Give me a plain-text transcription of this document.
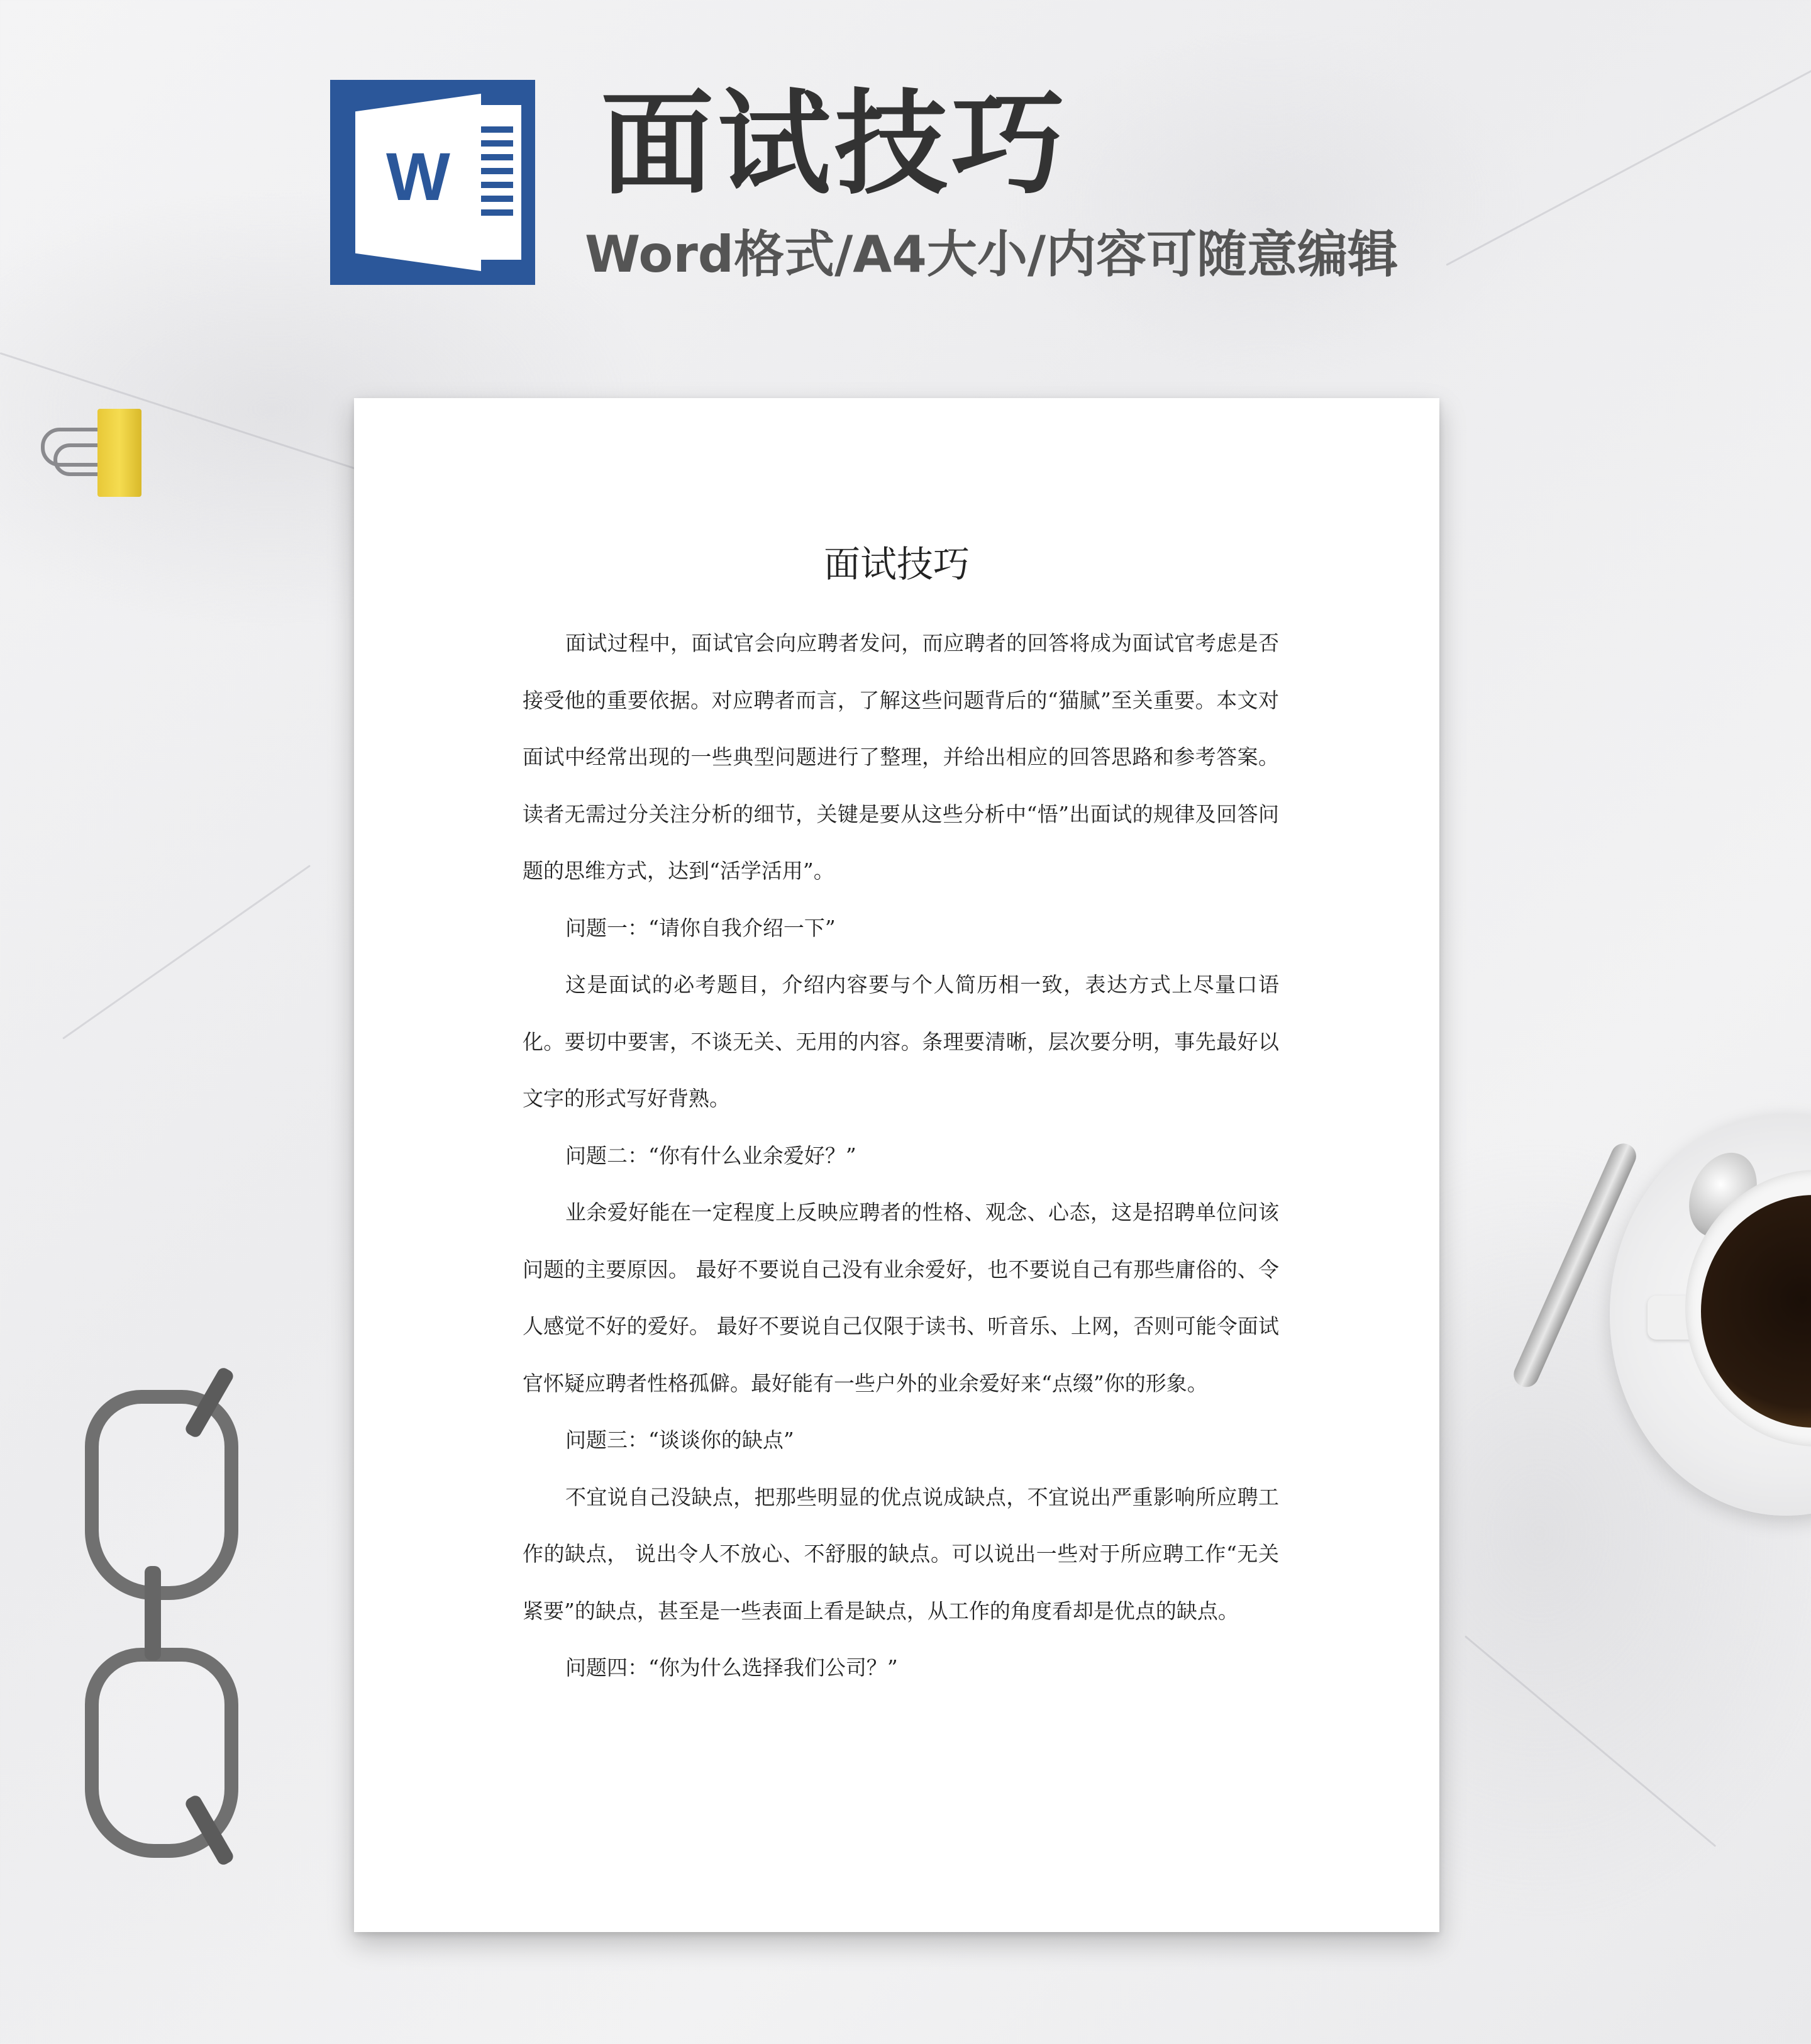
W 面试技巧
Word格式/A4大小/内容可随意编辑
面试技巧

面试过程中，面试官会向应聘者发问，而应聘者的回答将成为面试官考虑是否接受他的重要依据。对应聘者而言，了解这些问题背后的“猫腻”至关重要。本文对面试中经常出现的一些典型问题进行了整理，并给出相应的回答思路和参考答案。读者无需过分关注分析的细节，关键是要从这些分析中“悟”出面试的规律及回答问题的思维方式，达到“活学活用”。

问题一：“请你自我介绍一下”

这是面试的必考题目，介绍内容要与个人简历相一致，表达方式上尽量口语化。要切中要害，不谈无关、无用的内容。条理要清晰，层次要分明，事先最好以文字的形式写好背熟。

问题二：“你有什么业余爱好？”

业余爱好能在一定程度上反映应聘者的性格、观念、心态，这是招聘单位问该问题的主要原因。 最好不要说自己没有业余爱好，也不要说自己有那些庸俗的、令人感觉不好的爱好。 最好不要说自己仅限于读书、听音乐、上网，否则可能令面试官怀疑应聘者性格孤僻。最好能有一些户外的业余爱好来“点缀”你的形象。

问题三：“谈谈你的缺点”

不宜说自己没缺点，把那些明显的优点说成缺点，不宜说出严重影响所应聘工作的缺点， 说出令人不放心、不舒服的缺点。可以说出一些对于所应聘工作“无关紧要”的缺点，甚至是一些表面上看是缺点，从工作的角度看却是优点的缺点。

问题四：“你为什么选择我们公司？”
